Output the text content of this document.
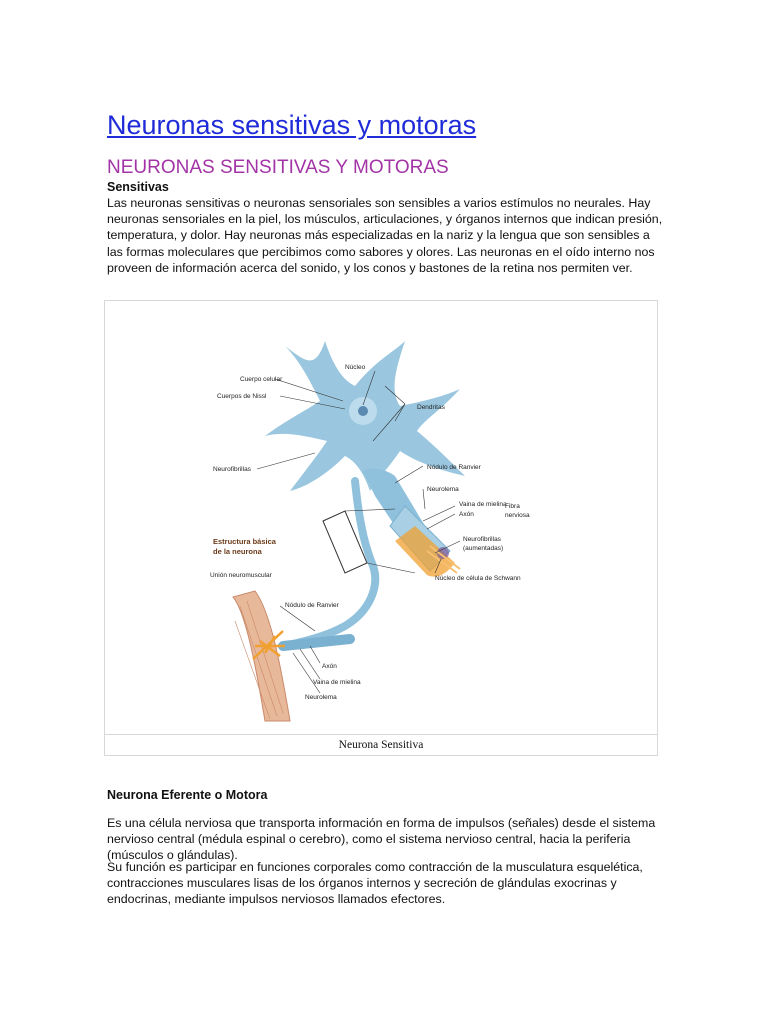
Neuronas sensitivas y motoras
NEURONAS SENSITIVAS Y MOTORAS
Sensitivas
Las neuronas sensitivas o neuronas sensoriales son sensibles a varios estímulos no neurales. Hay neuronas sensoriales en la piel, los músculos, articulaciones, y órganos internos que indican presión, temperatura, y dolor. Hay neuronas más especializadas en la nariz y la lengua que son sensibles a las formas moleculares que percibimos como sabores y olores. Las neuronas en el oído interno nos proveen de información acerca del sonido, y los conos y bastones de la retina nos permiten ver.
Núcleo
Cuerpo celular
Cuerpos de Nissl
Dendritas
Neurofibrillas	Nódulo de Ranvier
Neurolema
Vaina de mielina
Axón
Fibra
nerviosa
Neurofibrillas
(aumentadas)
Núcleo de célula de Schwann
Estructura básica
de la neurona
Unión neuromuscular
Nódulo de Ranvier
Axón
Vaina de mielina
Neurolema
Neurona Sensitiva
Neurona Eferente o Motora
Es una célula nerviosa que transporta información en forma de impulsos (señales) desde el sistema nervioso central (médula espinal o cerebro), como el sistema nervioso central, hacia la periferia (músculos o glándulas).
Su función es participar en funciones corporales como contracción de la musculatura esquelética, contracciones musculares lisas de los órganos internos y secreción de glándulas exocrinas y endocrinas, mediante impulsos nerviosos llamados efectores.
